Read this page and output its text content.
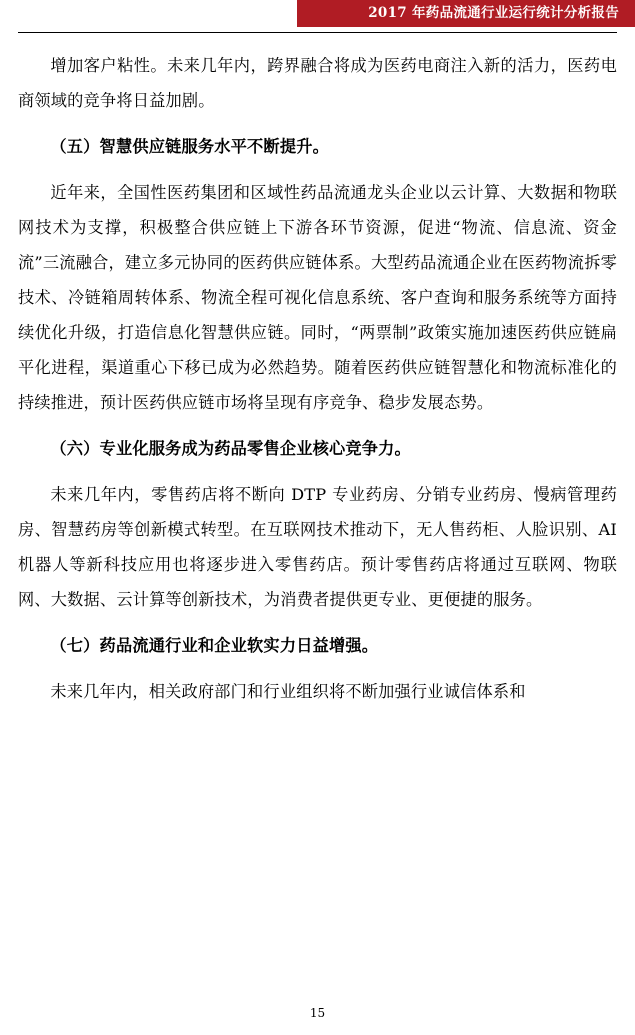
2017 年药品流通行业运行统计分析报告

增加客户粘性。未来几年内，跨界融合将成为医药电商注入新的活力，医药电商领域的竞争将日益加剧。

（五）智慧供应链服务水平不断提升。

近年来，全国性医药集团和区域性药品流通龙头企业以云计算、大数据和物联网技术为支撑，积极整合供应链上下游各环节资源，促进“物流、信息流、资金流”三流融合，建立多元协同的医药供应链体系。大型药品流通企业在医药物流拆零技术、冷链箱周转体系、物流全程可视化信息系统、客户查询和服务系统等方面持续优化升级，打造信息化智慧供应链。同时，“两票制”政策实施加速医药供应链扁平化进程，渠道重心下移已成为必然趋势。随着医药供应链智慧化和物流标准化的持续推进，预计医药供应链市场将呈现有序竞争、稳步发展态势。

（六）专业化服务成为药品零售企业核心竞争力。

未来几年内，零售药店将不断向 DTP 专业药房、分销专业药房、慢病管理药房、智慧药房等创新模式转型。在互联网技术推动下，无人售药柜、人脸识别、AI 机器人等新科技应用也将逐步进入零售药店。预计零售药店将通过互联网、物联网、大数据、云计算等创新技术，为消费者提供更专业、更便捷的服务。

（七）药品流通行业和企业软实力日益增强。

未来几年内，相关政府部门和行业组织将不断加强行业诚信体系和

15
